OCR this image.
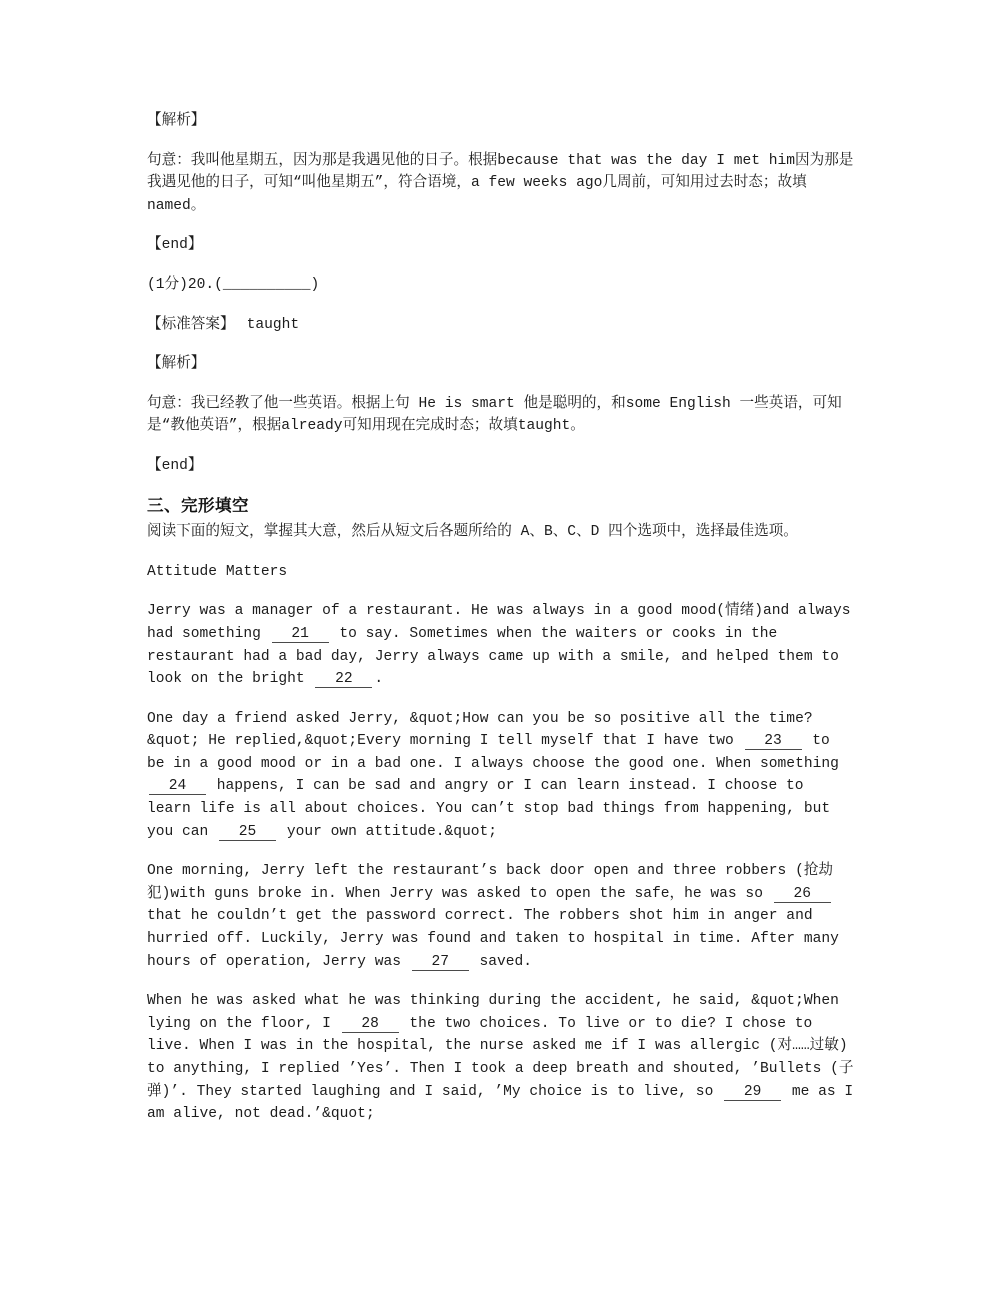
【解析】

句意：我叫他星期五，因为那是我遇见他的日子。根据because that was the day I met him因为那是我遇见他的日子，可知“叫他星期五”，符合语境，a few weeks ago几周前，可知用过去时态；故填named。

【end】
(1分)20.(__________)
【标准答案】 taught
【解析】

句意：我已经教了他一些英语。根据上句 He is smart 他是聪明的，和some English 一些英语，可知是“教他英语”，根据already可知用现在完成时态；故填taught。

【end】
三、完形填空

阅读下面的短文，掌握其大意，然后从短文后各题所给的 A、B、C、D 四个选项中，选择最佳选项。

Attitude Matters

Jerry was a manager of a restaurant. He was always in a good mood(情绪)and always had something 21 to say. Sometimes when the waiters or cooks in the restaurant had a bad day, Jerry always came up with a smile, and helped them to look on the bright 22 .

One day a friend asked Jerry, &quot;How can you be so positive all the time?&quot; He replied,&quot;Every morning I tell myself that I have two 23 to be in a good mood or in a bad one. I always choose the good one. When something 24 happens, I can be sad and angry or I can learn instead. I choose to learn life is all about choices. You can’t stop bad things from happening, but you can 25 your own attitude.&quot;

One morning, Jerry left the restaurant’s back door open and three robbers (抢劫犯)with guns broke in. When Jerry was asked to open the safe，he was so 26 that he couldn’t get the password correct. The robbers shot him in anger and hurried off. Luckily, Jerry was found and taken to hospital in time. After many hours of operation, Jerry was 27 saved.

When he was asked what he was thinking during the accident, he said, &quot;When lying on the floor, I 28 the two choices. To live or to die? I chose to live. When I was in the hospital, the nurse asked me if I was allergic (对……过敏) to anything, I replied ’Yes’. Then I took a deep breath and shouted, ’Bullets (子弹)’. They started laughing and I said, ’My choice is to live, so 29 me as I am alive, not dead.’&quot;
